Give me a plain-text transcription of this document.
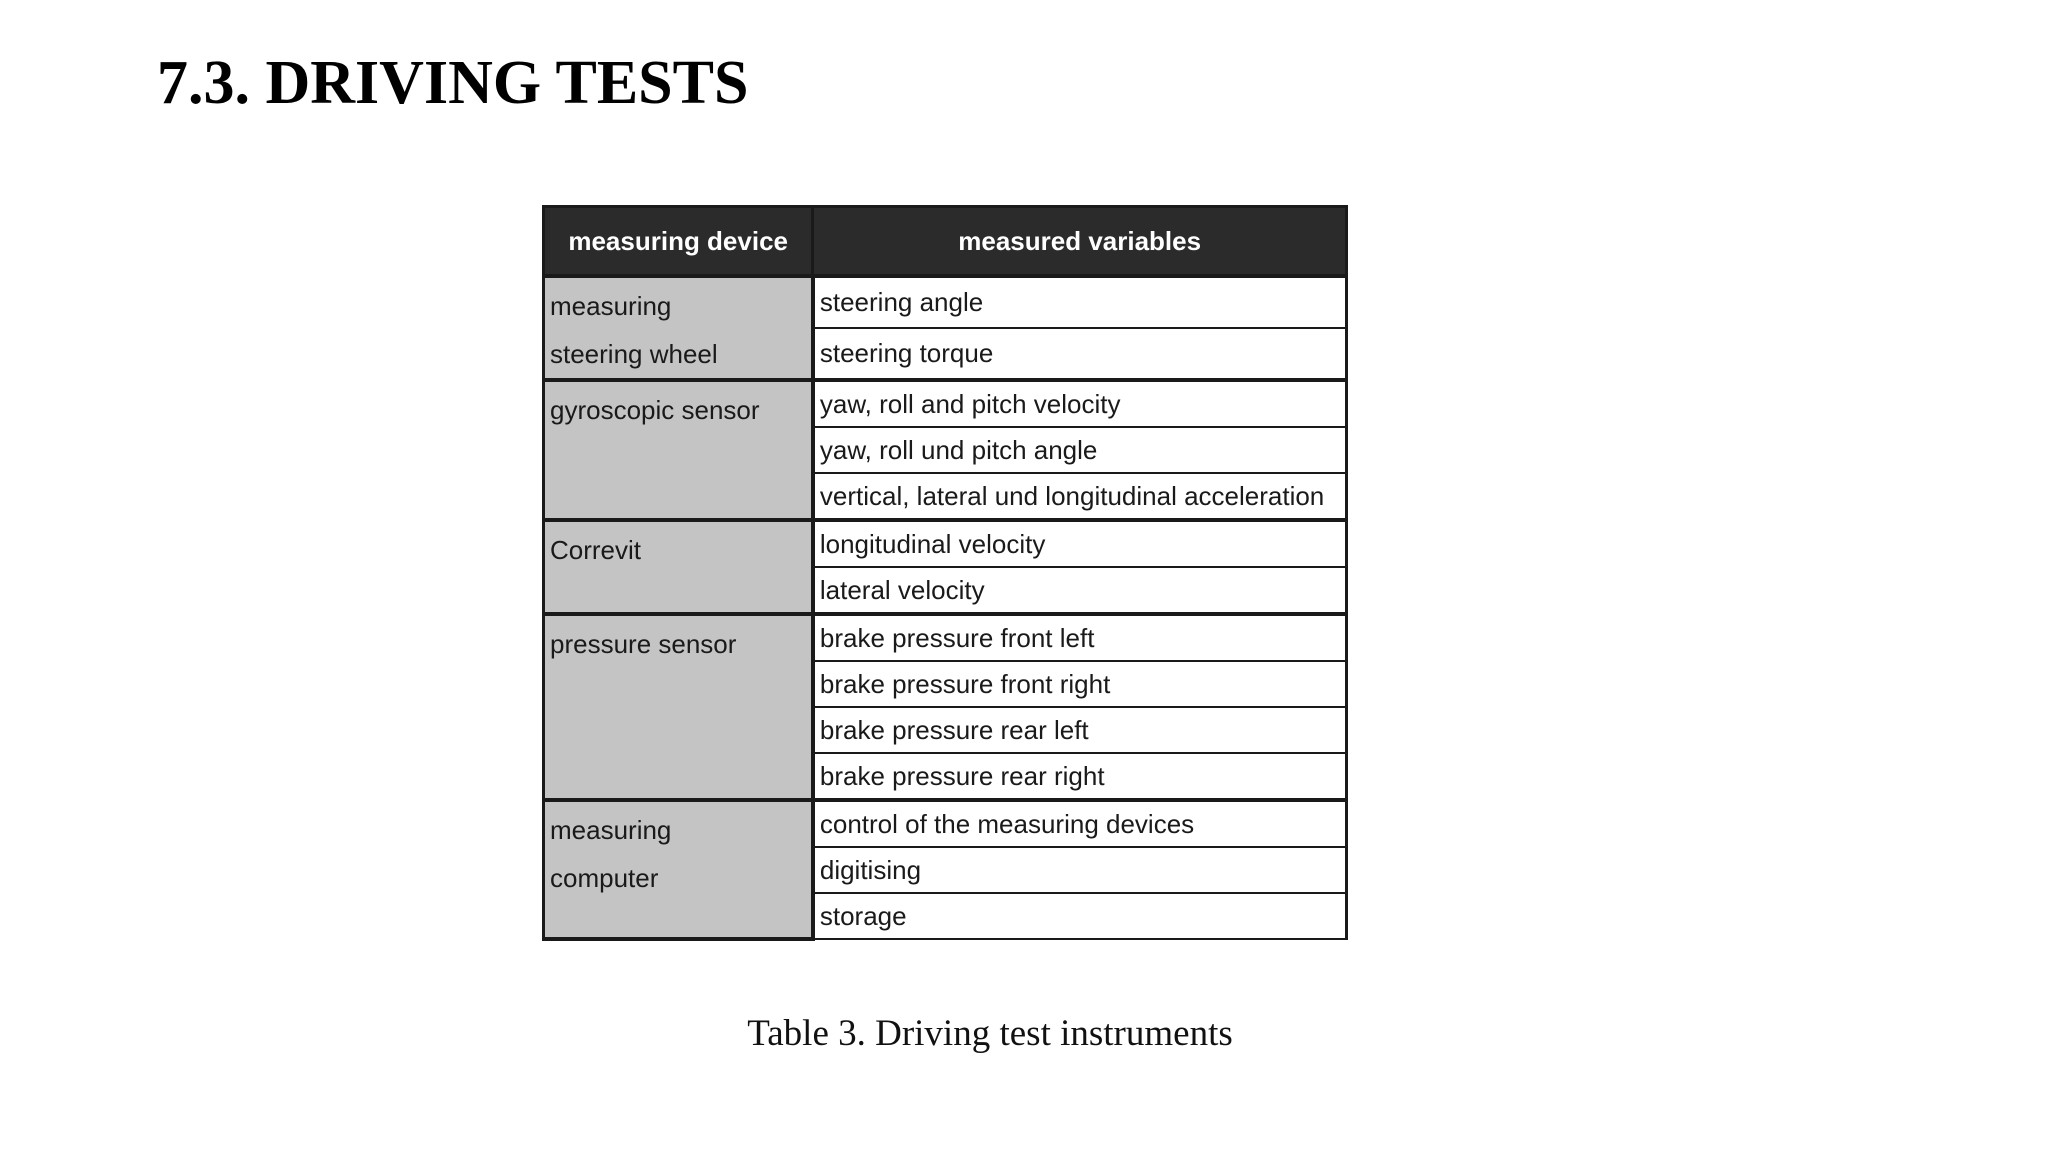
7.3. DRIVING TESTS
measuring device	measured variables

measuring
steering wheel	steering angle
	steering torque

gyroscopic sensor	yaw, roll and pitch velocity
	yaw, roll und pitch angle
	vertical, lateral und longitudinal acceleration

Correvit	longitudinal velocity
	lateral velocity

pressure sensor	brake pressure front left
	brake pressure front right
	brake pressure rear left
	brake pressure rear right

measuring
computer	control of the measuring devices
	digitising
	storage

Table 3. Driving test instruments
